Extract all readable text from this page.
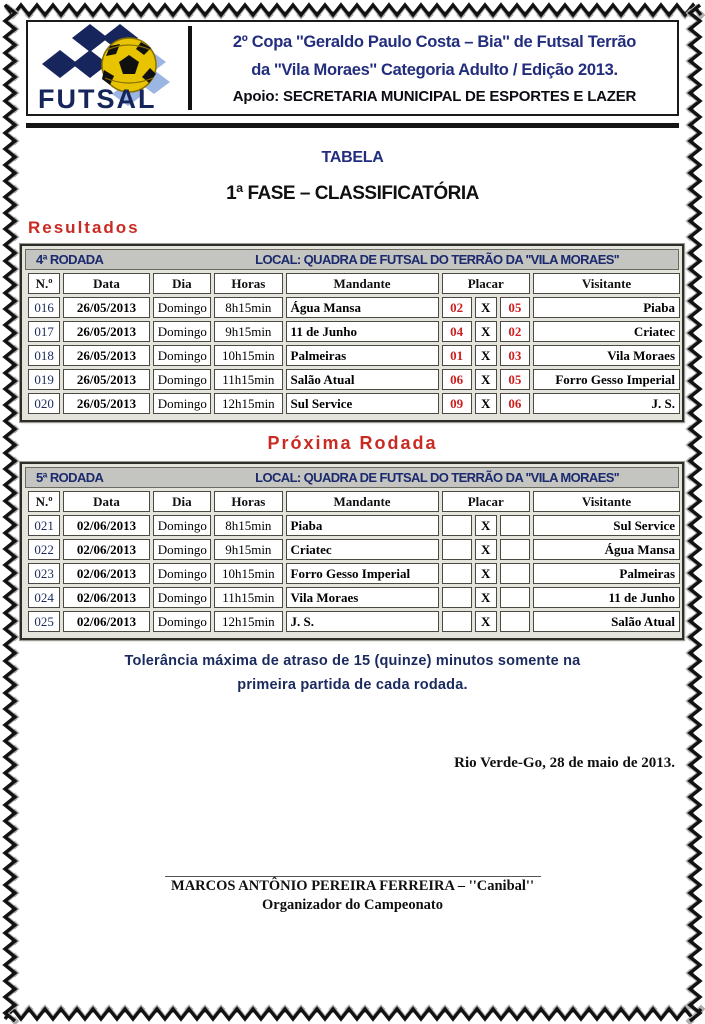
FUTSAL
2º Copa ''Geraldo Paulo Costa – Bia'' de Futsal Terrão
da ''Vila Moraes'' Categoria Adulto / Edição 2013.
Apoio: SECRETARIA MUNICIPAL DE ESPORTES E LAZER
TABELA
1ª FASE – CLASSIFICATÓRIA
Resultados
4ª RODADA	LOCAL: QUADRA DE FUTSAL DO TERRÃO DA ''VILA MORAES''
N.º	Data	Dia	Horas	Mandante	Placar			Visitante
016	26/05/2013	Domingo	8h15min	Água Mansa	02	X	05	Piaba
017	26/05/2013	Domingo	9h15min	11 de Junho	04	X	02	Criatec
018	26/05/2013	Domingo	10h15min	Palmeiras	01	X	03	Vila Moraes
019	26/05/2013	Domingo	11h15min	Salão Atual	06	X	05	Forro Gesso Imperial
020	26/05/2013	Domingo	12h15min	Sul Service	09	X	06	J. S.
Próxima Rodada
5ª RODADA	LOCAL: QUADRA DE FUTSAL DO TERRÃO DA ''VILA MORAES''
N.º	Data	Dia	Horas	Mandante	Placar			Visitante
021	02/06/2013	Domingo	8h15min	Piaba		X		Sul Service
022	02/06/2013	Domingo	9h15min	Criatec		X		Água Mansa
023	02/06/2013	Domingo	10h15min	Forro Gesso Imperial		X		Palmeiras
024	02/06/2013	Domingo	11h15min	Vila Moraes		X		11 de Junho
025	02/06/2013	Domingo	12h15min	J. S.		X		Salão Atual
Tolerância máxima de atraso de 15 (quinze) minutos somente na
primeira partida de cada rodada.
Rio Verde-Go, 28 de maio de 2013.
MARCOS ANTÔNIO PEREIRA FERREIRA – ''Canibal''
Organizador do Campeonato
